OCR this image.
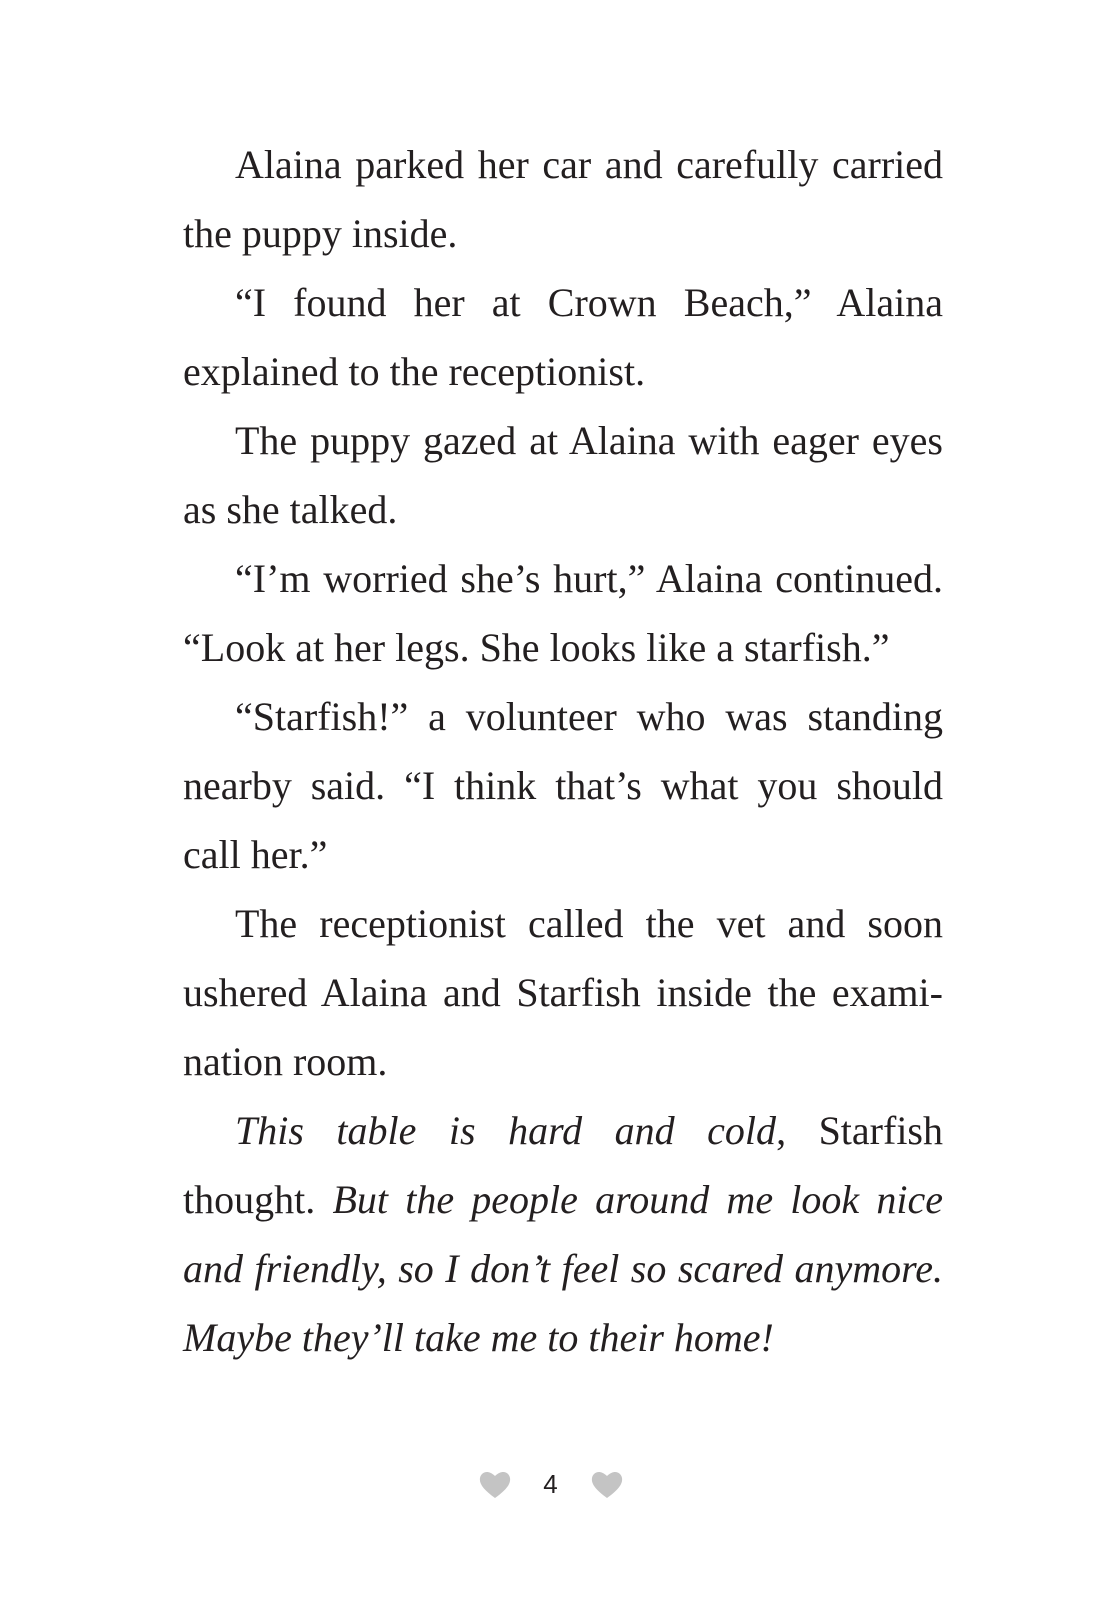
Alaina parked her car and carefully carried the puppy inside.

“I found her at Crown Beach,” Alaina explained to the receptionist.

The puppy gazed at Alaina with eager eyes as she talked.

“I’m worried she’s hurt,” Alaina continued. “Look at her legs. She looks like a starfish.”

“Starfish!” a volunteer who was standing nearby said. “I think that’s what you should call her.”

The receptionist called the vet and soon ushered Alaina and Starfish inside the examination room.

This table is hard and cold, Starfish thought. But the people around me look nice and friendly, so I don’t feel so scared anymore. Maybe they’ll take me to their home!

4
